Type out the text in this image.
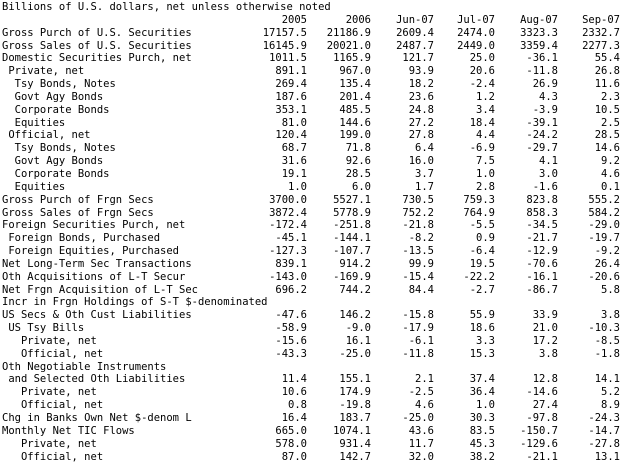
Billions of U.S. dollars, net unless otherwise noted
	2005	2006	Jun-07	Jul-07	Aug-07	Sep-07
Gross Purch of U.S. Securities	17157.5	21186.9	2609.4	2474.0	3323.3	2332.7
Gross Sales of U.S. Securities	16145.9	20021.0	2487.7	2449.0	3359.4	2277.3
Domestic Securities Purch, net	1011.5	1165.9	121.7	25.0	-36.1	55.4
Private, net	891.1	967.0	93.9	20.6	-11.8	26.8
Tsy Bonds, Notes	269.4	135.4	18.2	-2.4	26.9	11.6
Govt Agy Bonds	187.6	201.4	23.6	1.2	4.3	2.3
Corporate Bonds	353.1	485.5	24.8	3.4	-3.9	10.5
Equities	81.0	144.6	27.2	18.4	-39.1	2.5
Official, net	120.4	199.0	27.8	4.4	-24.2	28.5
Tsy Bonds, Notes	68.7	71.8	6.4	-6.9	-29.7	14.6
Govt Agy Bonds	31.6	92.6	16.0	7.5	4.1	9.2
Corporate Bonds	19.1	28.5	3.7	1.0	3.0	4.6
Equities	1.0	6.0	1.7	2.8	-1.6	0.1
Gross Purch of Frgn Secs	3700.0	5527.1	730.5	759.3	823.8	555.2
Gross Sales of Frgn Secs	3872.4	5778.9	752.2	764.9	858.3	584.2
Foreign Securities Purch, net	-172.4	-251.8	-21.8	-5.5	-34.5	-29.0
Foreign Bonds, Purchased	-45.1	-144.1	-8.2	0.9	-21.7	-19.7
Foreign Equities, Purchased	-127.3	-107.7	-13.5	-6.4	-12.9	-9.2
Net Long-Term Sec Transactions	839.1	914.2	99.9	19.5	-70.6	26.4
Oth Acquisitions of L-T Secur	-143.0	-169.9	-15.4	-22.2	-16.1	-20.6
Net Frgn Acquisition of L-T Sec	696.2	744.2	84.4	-2.7	-86.7	5.8
Incr in Frgn Holdings of S-T $-denominated						
US Secs & Oth Cust Liabilities	-47.6	146.2	-15.8	55.9	33.9	3.8
US Tsy Bills	-58.9	-9.0	-17.9	18.6	21.0	-10.3
Private, net	-15.6	16.1	-6.1	3.3	17.2	-8.5
Official, net	-43.3	-25.0	-11.8	15.3	3.8	-1.8
Oth Negotiable Instruments						
and Selected Oth Liabilities	11.4	155.1	2.1	37.4	12.8	14.1
Private, net	10.6	174.9	-2.5	36.4	-14.6	5.2
Official, net	0.8	-19.8	4.6	1.0	27.4	8.9
Chg in Banks Own Net $-denom L	16.4	183.7	-25.0	30.3	-97.8	-24.3
Monthly Net TIC Flows	665.0	1074.1	43.6	83.5	-150.7	-14.7
Private, net	578.0	931.4	11.7	45.3	-129.6	-27.8
Official, net	87.0	142.7	32.0	38.2	-21.1	13.1
